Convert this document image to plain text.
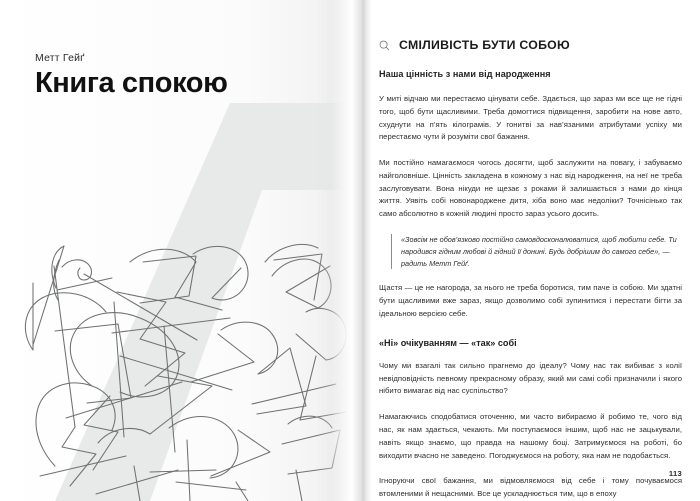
Метт Гейґ

Книга спокою
СМІЛИВІСТЬ БУТИ СОБОЮ

Наша цінність з нами від народження

У миті відчаю ми перестаємо цінувати себе. Здається, що зараз ми все ще не гідні того, щоб бути щасливими. Треба домогтися підвищення, заробити на нове авто, схуднути на п’ять кілограмів. У гонитві за нав’язаними атрибутами успіху ми перестаємо чути й розуміти свої бажання.

Ми постійно намагаємося чогось досягти, щоб заслужити на повагу, і забуваємо найголовніше. Цінність закладена в кожному з нас від народження, на неї не треба заслуговувати. Вона нікуди не щезає з роками й залишається з нами до кінця життя. Уявіть собі новонароджене дитя, хіба воно має недоліки? Точнісінько так само абсолютно в кожній людині просто зараз усього досить.

«Зовсім не обов’язково постійно самовдосконалюватися, щоб любити себе. Ти народився гідним любові й гідний її донині. Будь добрішим до самого себе», — радить Метт Гейґ.

Щастя — це не нагорода, за нього не треба боротися, тим паче із собою. Ми здатні бути щасливими вже зараз, якщо дозволимо собі зупинитися і перестати бігти за ідеальною версією себе.

«Ні» очікуванням — «так» собі

Чому ми взагалі так сильно прагнемо до ідеалу? Чому нас так вибиває з колії невідповідність певному прекрасному образу, який ми самі собі призначили і якого нібито вимагає від нас суспільство?

Намагаючись сподобатися оточенню, ми часто вибираємо й робимо те, чого від нас, як нам здається, чекають. Ми поступаємося іншим, щоб нас не зацькували, навіть якщо знаємо, що правда на нашому боці. Затримуємося на роботі, бо виходити вчасно не заведено. Погоджуємося на роботу, яка нам не подобається.

Ігноруючи свої бажання, ми відмовляємося від себе і тому почуваємося втомленими й нещасними. Все це ускладнюється тим, що в епоху

113
